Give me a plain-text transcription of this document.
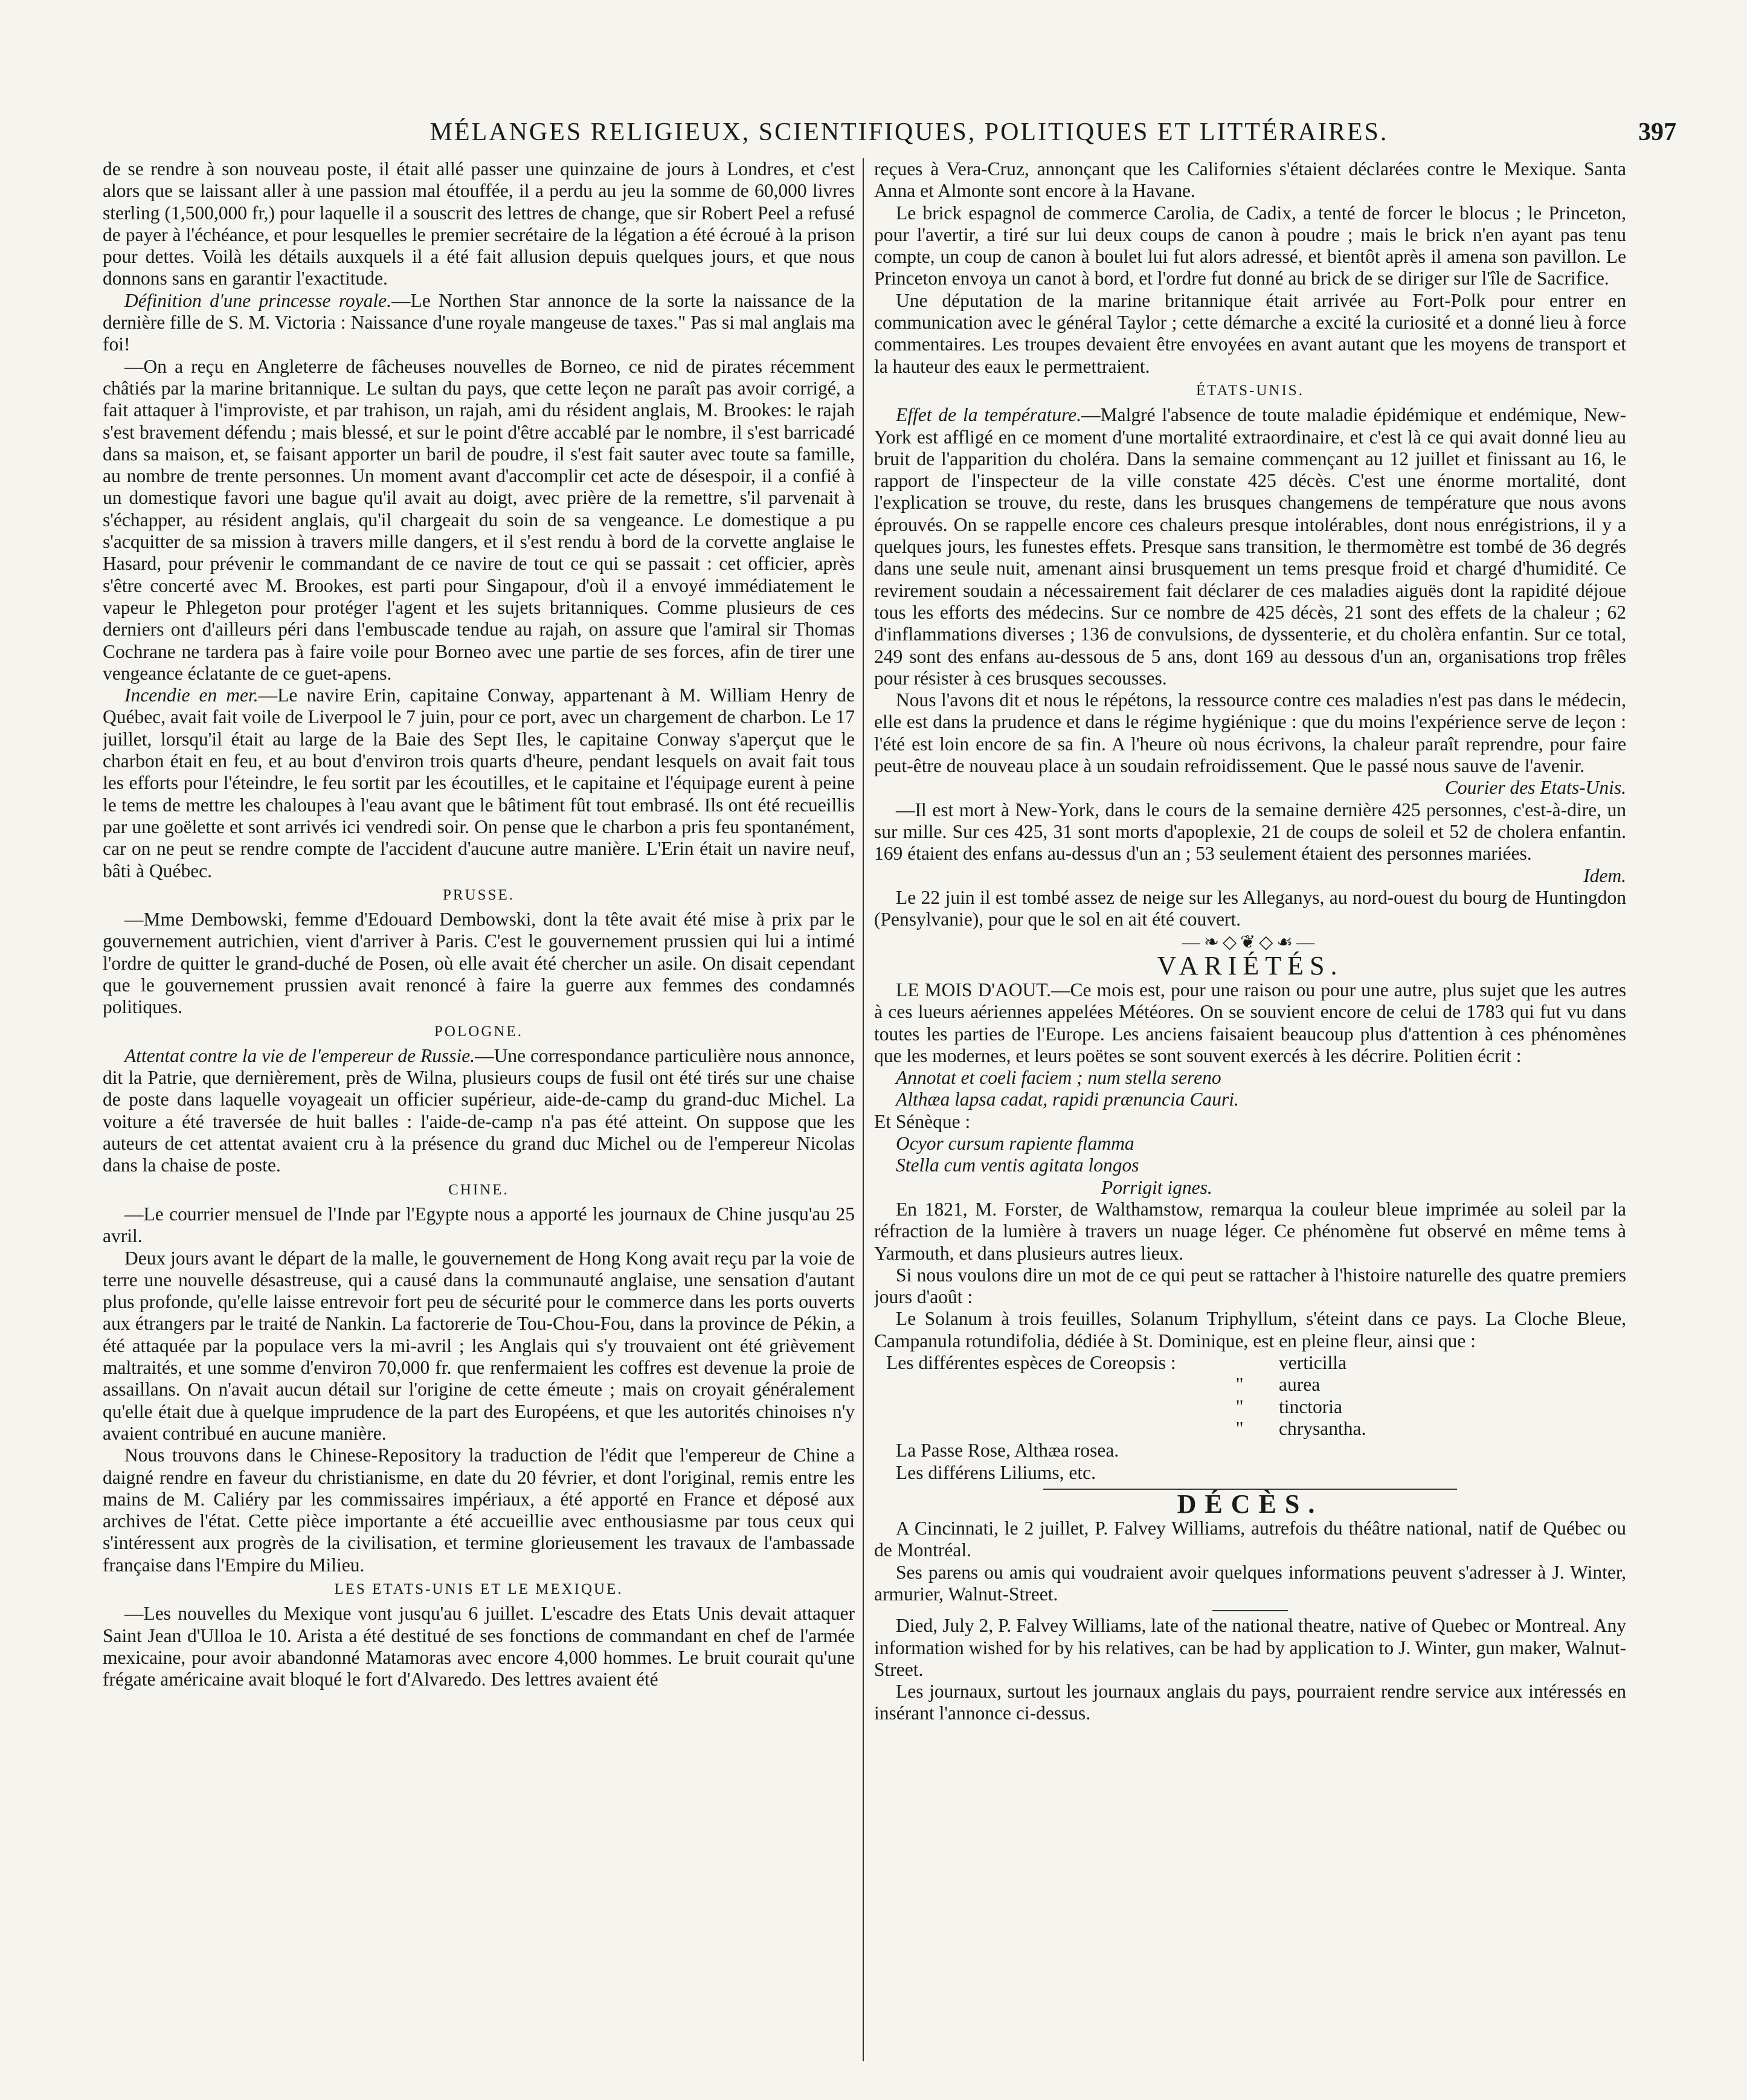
MÉLANGES RELIGIEUX, SCIENTIFIQUES, POLITIQUES ET LITTÉRAIRES.	397

de se rendre à son nouveau poste, il était allé passer une quinzaine de jours à Londres, et c'est alors que se laissant aller à une passion mal étouffée, il a perdu au jeu la somme de 60,000 livres sterling (1,500,000 fr,) pour laquelle il a souscrit des lettres de change, que sir Robert Peel a refusé de payer à l'échéance, et pour lesquelles le premier secrétaire de la légation a été écroué à la prison pour dettes. Voilà les détails auxquels il a été fait allusion depuis quelques jours, et que nous donnons sans en garantir l'exactitude.

Définition d'une princesse royale.—Le Northen Star annonce de la sorte la naissance de la dernière fille de S. M. Victoria : Naissance d'une royale mangeuse de taxes." Pas si mal anglais ma foi!

—On a reçu en Angleterre de fâcheuses nouvelles de Borneo, ce nid de pirates récemment châtiés par la marine britannique. Le sultan du pays, que cette leçon ne paraît pas avoir corrigé, a fait attaquer à l'improviste, et par trahison, un rajah, ami du résident anglais, M. Brookes: le rajah s'est bravement défendu ; mais blessé, et sur le point d'être accablé par le nombre, il s'est barricadé dans sa maison, et, se faisant apporter un baril de poudre, il s'est fait sauter avec toute sa famille, au nombre de trente personnes. Un moment avant d'accomplir cet acte de désespoir, il a confié à un domestique favori une bague qu'il avait au doigt, avec prière de la remettre, s'il parvenait à s'échapper, au résident anglais, qu'il chargeait du soin de sa vengeance. Le domestique a pu s'acquitter de sa mission à travers mille dangers, et il s'est rendu à bord de la corvette anglaise le Hasard, pour prévenir le commandant de ce navire de tout ce qui se passait : cet officier, après s'être concerté avec M. Brookes, est parti pour Singapour, d'où il a envoyé immédiatement le vapeur le Phlegeton pour protéger l'agent et les sujets britanniques. Comme plusieurs de ces derniers ont d'ailleurs péri dans l'embuscade tendue au rajah, on assure que l'amiral sir Thomas Cochrane ne tardera pas à faire voile pour Borneo avec une partie de ses forces, afin de tirer une vengeance éclatante de ce guet-apens.

Incendie en mer.—Le navire Erin, capitaine Conway, appartenant à M. William Henry de Québec, avait fait voile de Liverpool le 7 juin, pour ce port, avec un chargement de charbon. Le 17 juillet, lorsqu'il était au large de la Baie des Sept Iles, le capitaine Conway s'aperçut que le charbon était en feu, et au bout d'environ trois quarts d'heure, pendant lesquels on avait fait tous les efforts pour l'éteindre, le feu sortit par les écoutilles, et le capitaine et l'équipage eurent à peine le tems de mettre les chaloupes à l'eau avant que le bâtiment fût tout embrasé. Ils ont été recueillis par une goëlette et sont arrivés ici vendredi soir. On pense que le charbon a pris feu spontanément, car on ne peut se rendre compte de l'accident d'aucune autre manière. L'Erin était un navire neuf, bâti à Québec.

PRUSSE.

—Mme Dembowski, femme d'Edouard Dembowski, dont la tête avait été mise à prix par le gouvernement autrichien, vient d'arriver à Paris. C'est le gouvernement prussien qui lui a intimé l'ordre de quitter le grand-duché de Posen, où elle avait été chercher un asile. On disait cependant que le gouvernement prussien avait renoncé à faire la guerre aux femmes des condamnés politiques.

POLOGNE.

Attentat contre la vie de l'empereur de Russie.—Une correspondance particulière nous annonce, dit la Patrie, que dernièrement, près de Wilna, plusieurs coups de fusil ont été tirés sur une chaise de poste dans laquelle voyageait un officier supérieur, aide-de-camp du grand-duc Michel. La voiture a été traversée de huit balles : l'aide-de-camp n'a pas été atteint. On suppose que les auteurs de cet attentat avaient cru à la présence du grand duc Michel ou de l'empereur Nicolas dans la chaise de poste.

CHINE.

—Le courrier mensuel de l'Inde par l'Egypte nous a apporté les journaux de Chine jusqu'au 25 avril.

Deux jours avant le départ de la malle, le gouvernement de Hong Kong avait reçu par la voie de terre une nouvelle désastreuse, qui a causé dans la communauté anglaise, une sensation d'autant plus profonde, qu'elle laisse entrevoir fort peu de sécurité pour le commerce dans les ports ouverts aux étrangers par le traité de Nankin. La factorerie de Tou-Chou-Fou, dans la province de Pékin, a été attaquée par la populace vers la mi-avril ; les Anglais qui s'y trouvaient ont été grièvement maltraités, et une somme d'environ 70,000 fr. que renfermaient les coffres est devenue la proie de assaillans. On n'avait aucun détail sur l'origine de cette émeute ; mais on croyait généralement qu'elle était due à quelque imprudence de la part des Européens, et que les autorités chinoises n'y avaient contribué en aucune manière.

Nous trouvons dans le Chinese-Repository la traduction de l'édit que l'empereur de Chine a daigné rendre en faveur du christianisme, en date du 20 février, et dont l'original, remis entre les mains de M. Caliéry par les commissaires impériaux, a été apporté en France et déposé aux archives de l'état. Cette pièce importante a été accueillie avec enthousiasme par tous ceux qui s'intéressent aux progrès de la civilisation, et termine glorieusement les travaux de l'ambassade française dans l'Empire du Milieu.

LES ETATS-UNIS ET LE MEXIQUE.

—Les nouvelles du Mexique vont jusqu'au 6 juillet. L'escadre des Etats Unis devait attaquer Saint Jean d'Ulloa le 10. Arista a été destitué de ses fonctions de commandant en chef de l'armée mexicaine, pour avoir abandonné Matamoras avec encore 4,000 hommes. Le bruit courait qu'une frégate américaine avait bloqué le fort d'Alvaredo. Des lettres avaient été

reçues à Vera-Cruz, annonçant que les Californies s'étaient déclarées contre le Mexique. Santa Anna et Almonte sont encore à la Havane.

Le brick espagnol de commerce Carolia, de Cadix, a tenté de forcer le blocus ; le Princeton, pour l'avertir, a tiré sur lui deux coups de canon à poudre ; mais le brick n'en ayant pas tenu compte, un coup de canon à boulet lui fut alors adressé, et bientôt après il amena son pavillon. Le Princeton envoya un canot à bord, et l'ordre fut donné au brick de se diriger sur l'île de Sacrifice.

Une députation de la marine britannique était arrivée au Fort-Polk pour entrer en communication avec le général Taylor ; cette démarche a excité la curiosité et a donné lieu à force commentaires. Les troupes devaient être envoyées en avant autant que les moyens de transport et la hauteur des eaux le permettraient.

ÉTATS-UNIS.

Effet de la température.—Malgré l'absence de toute maladie épidémique et endémique, New-York est affligé en ce moment d'une mortalité extraordinaire, et c'est là ce qui avait donné lieu au bruit de l'apparition du choléra. Dans la semaine commençant au 12 juillet et finissant au 16, le rapport de l'inspecteur de la ville constate 425 décès. C'est une énorme mortalité, dont l'explication se trouve, du reste, dans les brusques changemens de température que nous avons éprouvés. On se rappelle encore ces chaleurs presque intolérables, dont nous enrégistrions, il y a quelques jours, les funestes effets. Presque sans transition, le thermomètre est tombé de 36 degrés dans une seule nuit, amenant ainsi brusquement un tems presque froid et chargé d'humidité. Ce revirement soudain a nécessairement fait déclarer de ces maladies aiguës dont la rapidité déjoue tous les efforts des médecins. Sur ce nombre de 425 décès, 21 sont des effets de la chaleur ; 62 d'inflammations diverses ; 136 de convulsions, de dyssenterie, et du cholèra enfantin. Sur ce total, 249 sont des enfans au-dessous de 5 ans, dont 169 au dessous d'un an, organisations trop frêles pour résister à ces brusques secousses.

Nous l'avons dit et nous le répétons, la ressource contre ces maladies n'est pas dans le médecin, elle est dans la prudence et dans le régime hygiénique : que du moins l'expérience serve de leçon : l'été est loin encore de sa fin. A l'heure où nous écrivons, la chaleur paraît reprendre, pour faire peut-être de nouveau place à un soudain refroidissement. Que le passé nous sauve de l'avenir.

Courier des Etats-Unis.

—Il est mort à New-York, dans le cours de la semaine dernière 425 personnes, c'est-à-dire, un sur mille. Sur ces 425, 31 sont morts d'apoplexie, 21 de coups de soleil et 52 de cholera enfantin. 169 étaient des enfans au-dessus d'un an ; 53 seulement étaient des personnes mariées.

Idem.

Le 22 juin il est tombé assez de neige sur les Alleganys, au nord-ouest du bourg de Huntingdon (Pensylvanie), pour que le sol en ait été couvert.

—❧◇❦◇☙—
VARIÉTÉS.

LE MOIS D'AOUT.—Ce mois est, pour une raison ou pour une autre, plus sujet que les autres à ces lueurs aériennes appelées Météores. On se souvient encore de celui de 1783 qui fut vu dans toutes les parties de l'Europe. Les anciens faisaient beaucoup plus d'attention à ces phénomènes que les modernes, et leurs poëtes se sont souvent exercés à les décrire. Politien écrit :

Annotat et coeli faciem ; num stella sereno

Althæa lapsa cadat, rapidi prænuncia Cauri.

Et Sénèque :

Ocyor cursum rapiente flamma

Stella cum ventis agitata longos

Porrigit ignes.

En 1821, M. Forster, de Walthamstow, remarqua la couleur bleue imprimée au soleil par la réfraction de la lumière à travers un nuage léger. Ce phénomène fut observé en même tems à Yarmouth, et dans plusieurs autres lieux.

Si nous voulons dire un mot de ce qui peut se rattacher à l'histoire naturelle des quatre premiers jours d'août :

Le Solanum à trois feuilles, Solanum Triphyllum, s'éteint dans ce pays. La Cloche Bleue, Campanula rotundifolia, dédiée à St. Dominique, est en pleine fleur, ainsi que :

Les différentes espèces de Coreopsis :	verticilla
"	aurea
"	tinctoria
"	chrysantha.

La Passe Rose, Althæa rosea.

Les différens Liliums, etc.

DÉCÈS.

A Cincinnati, le 2 juillet, P. Falvey Williams, autrefois du théâtre national, natif de Québec ou de Montréal.

Ses parens ou amis qui voudraient avoir quelques informations peuvent s'adresser à J. Winter, armurier, Walnut-Street.

Died, July 2, P. Falvey Williams, late of the national theatre, native of Quebec or Montreal. Any information wished for by his relatives, can be had by application to J. Winter, gun maker, Walnut-Street.

Les journaux, surtout les journaux anglais du pays, pourraient rendre service aux intéressés en insérant l'annonce ci-dessus.
